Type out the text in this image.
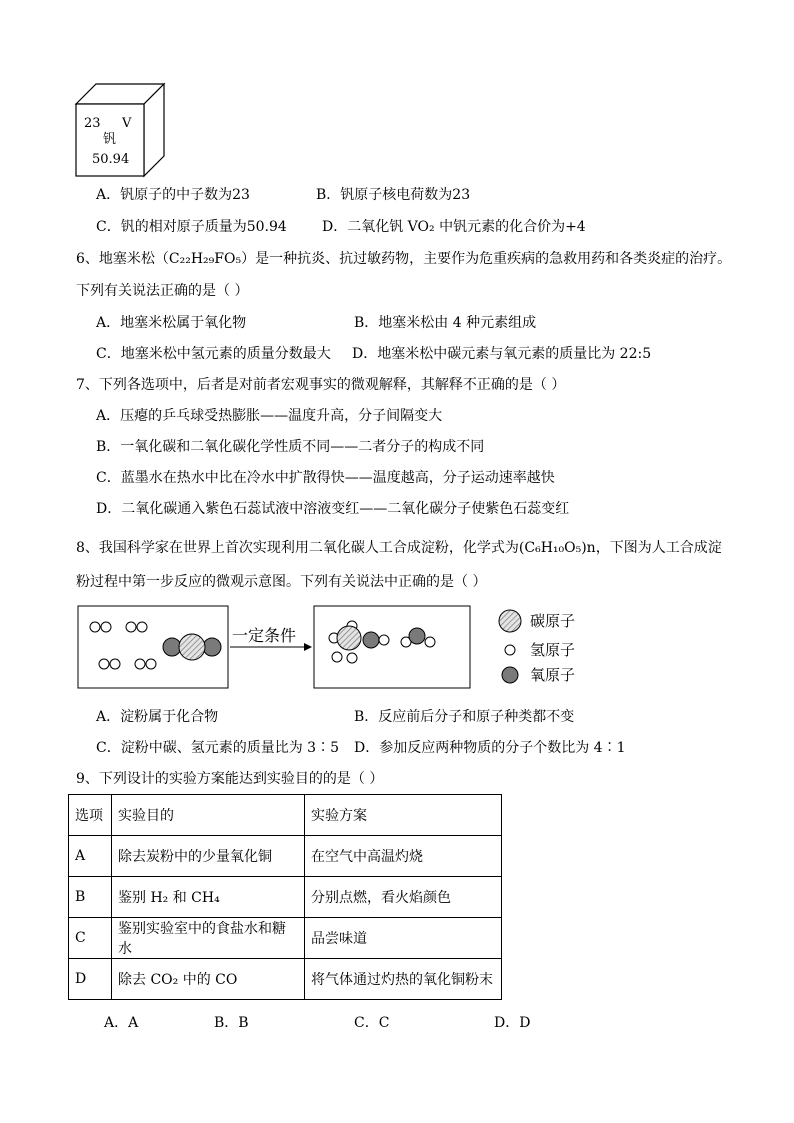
23 V
钒
50.94
A．钒原子的中子数为23	B．钒原子核电荷数为23
C．钒的相对原子质量为50.94	D．二氧化钒 VO₂ 中钒元素的化合价为+4
6、地塞米松（C₂₂H₂₉FO₅）是一种抗炎、抗过敏药物，主要作为危重疾病的急救用药和各类炎症的治疗。
下列有关说法正确的是（ ）
A．地塞米松属于氧化物	B．地塞米松由 4 种元素组成
C．地塞米松中氢元素的质量分数最大 D．地塞米松中碳元素与氧元素的质量比为 22:5
7、下列各选项中，后者是对前者宏观事实的微观解释，其解释不正确的是（ ）
A．压瘪的乒乓球受热膨胀——温度升高，分子间隔变大
B．一氧化碳和二氧化碳化学性质不同——二者分子的构成不同
C．蓝墨水在热水中比在冷水中扩散得快——温度越高，分子运动速率越快
D．二氧化碳通入紫色石蕊试液中溶液变红——二氧化碳分子使紫色石蕊变红
8、我国科学家在世界上首次实现利用二氧化碳人工合成淀粉，化学式为(C₆H₁₀O₅)n，下图为人工合成淀
粉过程中第一步反应的微观示意图。下列有关说法中正确的是（ ）
一定条件
碳原子
氢原子
氧原子
A．淀粉属于化合物	B．反应前后分子和原子种类都不变
C．淀粉中碳、氢元素的质量比为 3∶5 D．参加反应两种物质的分子个数比为 4∶1
9、下列设计的实验方案能达到实验目的的是（ ）
选项	实验目的	实验方案
A	除去炭粉中的少量氧化铜	在空气中高温灼烧
B	鉴别 H₂ 和 CH₄	分别点燃，看火焰颜色
C	鉴别实验室中的食盐水和糖水	品尝味道
D	除去 CO₂ 中的 CO	将气体通过灼热的氧化铜粉末
A．A	B．B	C．C	D．D
